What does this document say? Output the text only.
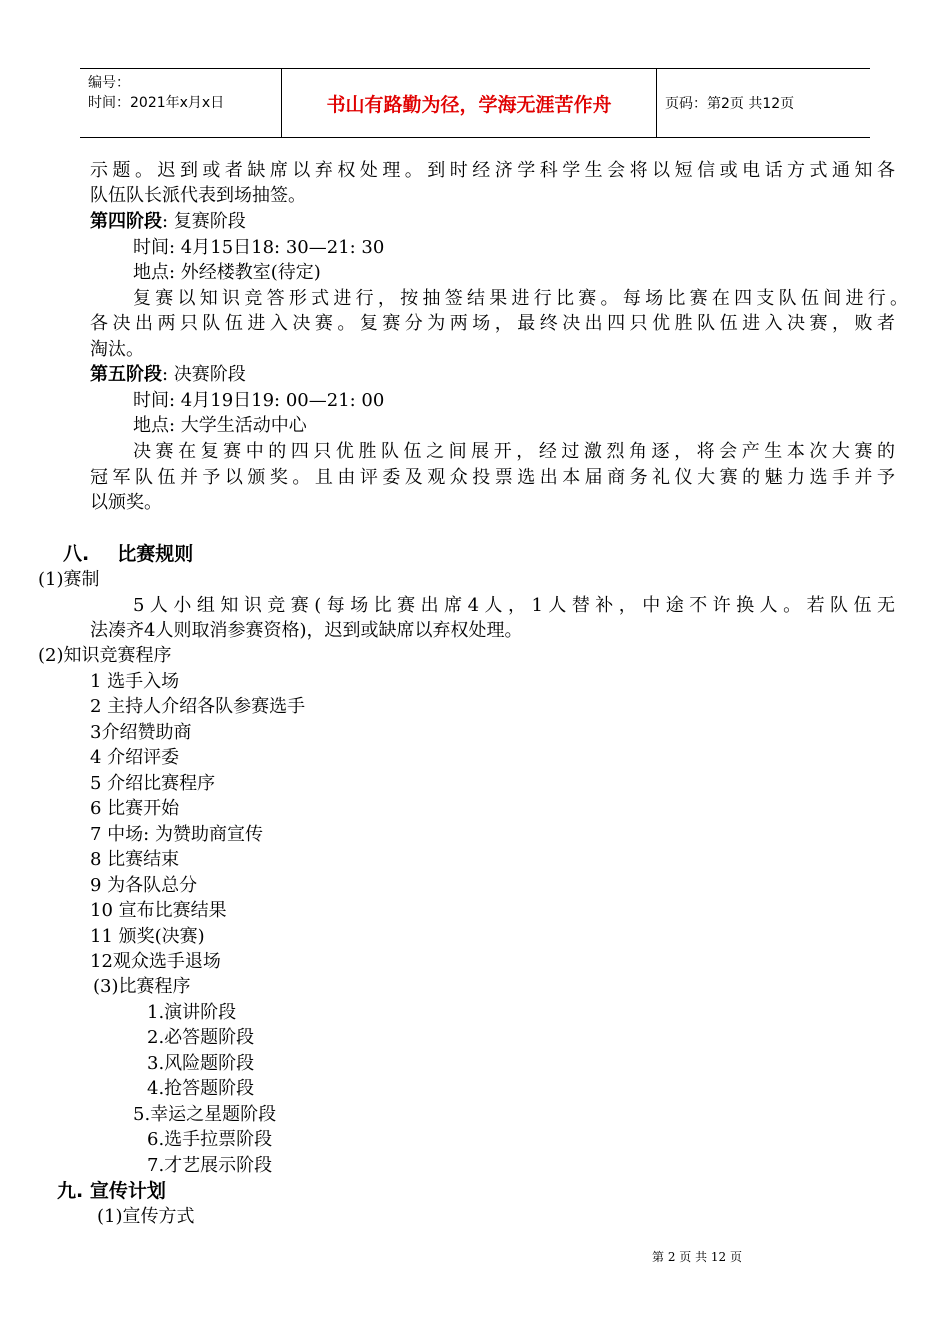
编号：
时间：2021年x月x日	书山有路勤为径，学海无涯苦作舟	页码：第2页 共12页
示题。迟到或者缺席以弃权处理。到时经济学科学生会将以短信或电话方式通知各
队伍队长派代表到场抽签。
第四阶段: 复赛阶段
时间: 4月15日18: 30—21: 30
地点: 外经楼教室(待定)
复赛以知识竞答形式进行，按抽签结果进行比赛。每场比赛在四支队伍间进行。
各决出两只队伍进入决赛。复赛分为两场，最终决出四只优胜队伍进入决赛，败者
淘汰。
第五阶段: 决赛阶段
时间: 4月19日19: 00—21: 00
地点: 大学生活动中心
决赛在复赛中的四只优胜队伍之间展开，经过激烈角逐，将会产生本次大赛的
冠军队伍并予以颁奖。且由评委及观众投票选出本届商务礼仪大赛的魅力选手并予
以颁奖。
八. 比赛规则
(1)赛制
5人小组知识竞赛(每场比赛出席4人，1人替补，中途不许换人。若队伍无
法凑齐4人则取消参赛资格)，迟到或缺席以弃权处理。
(2)知识竞赛程序
1 选手入场
2 主持人介绍各队参赛选手
3介绍赞助商
4 介绍评委
5 介绍比赛程序
6 比赛开始
7 中场: 为赞助商宣传
8 比赛结束
9 为各队总分
10 宣布比赛结果
11 颁奖(决赛)
12观众选手退场
(3)比赛程序
1.演讲阶段
2.必答题阶段
3.风险题阶段
4.抢答题阶段
5.幸运之星题阶段
6.选手拉票阶段
7.才艺展示阶段
九. 宣传计划
(1)宣传方式
第 2 页 共 12 页
